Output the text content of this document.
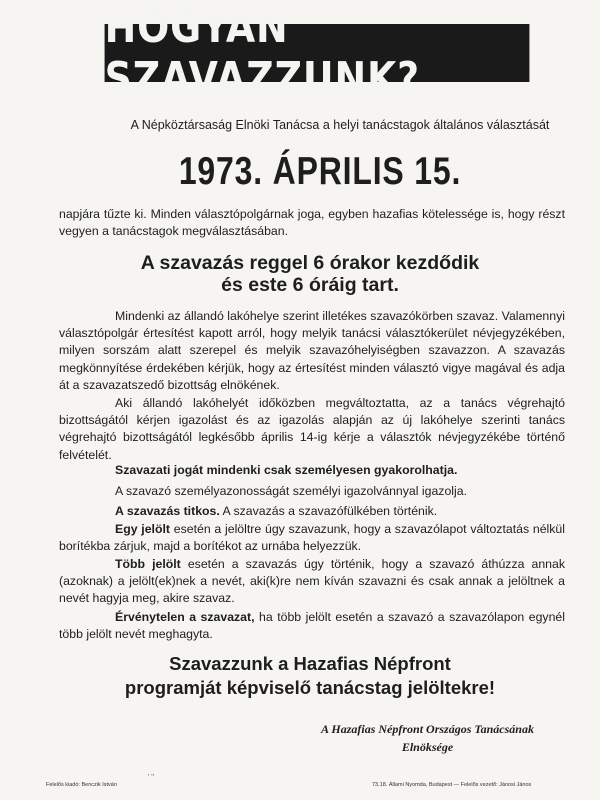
HOGYAN SZAVAZZUNK?
A Népköztársaság Elnöki Tanácsa a helyi tanácstagok általános választását
1973. ÁPRILIS 15.
napjára tűzte ki. Minden választópolgárnak joga, egyben hazafias kötelessége is, hogy részt vegyen a tanácstagok megválasztásában.
A szavazás reggel 6 órakor kezdődik
és este 6 óráig tart.
Mindenki az állandó lakóhelye szerint illetékes szavazókörben szavaz. Valamennyi választópolgár értesítést kapott arról, hogy melyik tanácsi választókerület névjegyzékében, milyen sorszám alatt szerepel és melyik szavazóhelyiségben szavazzon. A szavazás megkönnyítése érdekében kérjük, hogy az értesítést minden választó vigye magával és adja át a szavazatszedő bizottság elnökének.
Aki állandó lakóhelyét időközben megváltoztatta, az a tanács végrehajtó bizottságától kérjen igazolást és az igazolás alapján az új lakóhelye szerinti tanács végrehajtó bizottságától legkésőbb április 14-ig kérje a választók névjegyzékébe történő felvételét.
Szavazati jogát mindenki csak személyesen gyakorolhatja.
A szavazó személyazonosságát személyi igazolvánnyal igazolja.
A szavazás titkos. A szavazás a szavazófülkében történik.
Egy jelölt esetén a jelöltre úgy szavazunk, hogy a szavazólapot változtatás nélkül borítékba zárjuk, majd a borítékot az urnába helyezzük.
Több jelölt esetén a szavazás úgy történik, hogy a szavazó áthúzza annak (azoknak) a jelölt(ek)nek a nevét, aki(k)re nem kíván szavazni és csak annak a jelöltnek a nevét hagyja meg, akire szavaz.
Érvénytelen a szavazat, ha több jelölt esetén a szavazó a szavazólapon egynél több jelölt nevét meghagyta.
Szavazzunk a Hazafias Népfront
programját képviselő tanácstag jelöltekre!
A Hazafias Népfront Országos Tanácsának
Elnöksége
Felelős kiadó: Benczik István
' ''
73.18. Állami Nyomda, Budapest — Felelős vezető: Jánosi János
